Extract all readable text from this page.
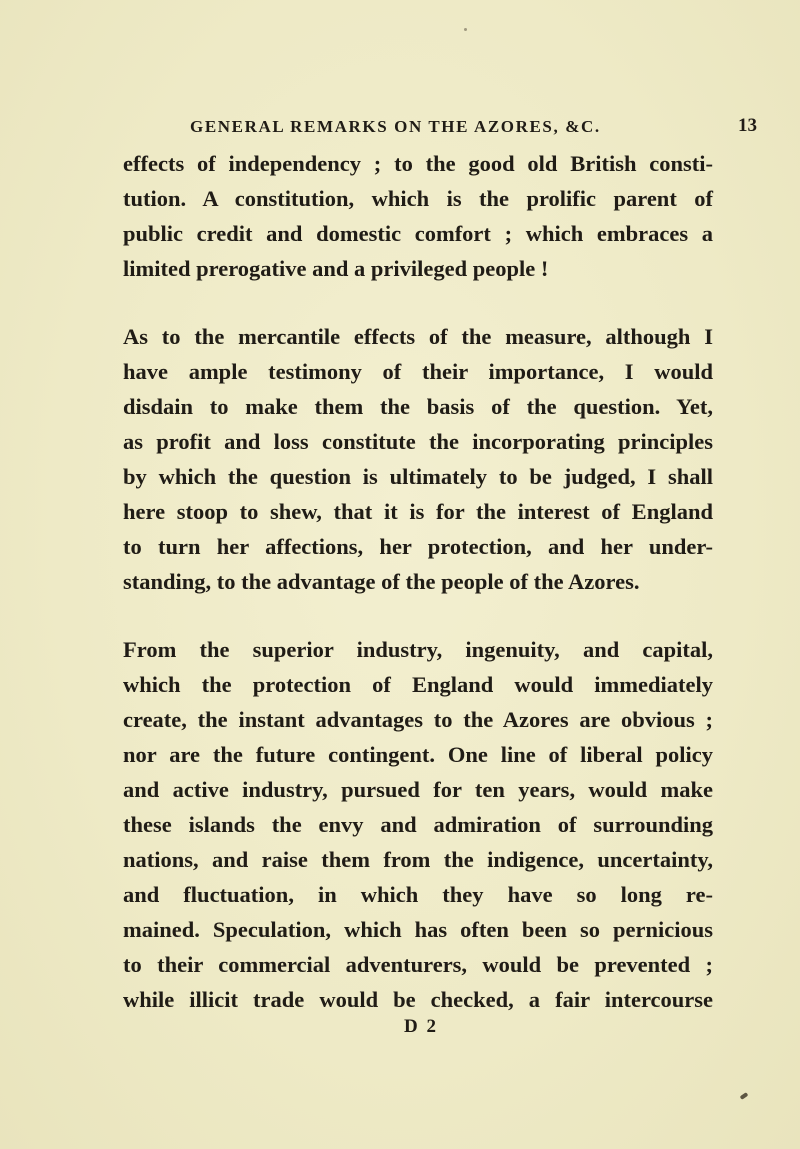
GENERAL REMARKS ON THE AZORES, &C.	13
effects of independency ; to the good old British consti-
tution. A constitution, which is the prolific parent of
public credit and domestic comfort ; which embraces a
limited prerogative and a privileged people !
As to the mercantile effects of the measure, although I
have ample testimony of their importance, I would
disdain to make them the basis of the question. Yet,
as profit and loss constitute the incorporating principles
by which the question is ultimately to be judged, I shall
here stoop to shew, that it is for the interest of England
to turn her affections, her protection, and her under-
standing, to the advantage of the people of the Azores.
From the superior industry, ingenuity, and capital,
which the protection of England would immediately
create, the instant advantages to the Azores are obvious ;
nor are the future contingent. One line of liberal policy
and active industry, pursued for ten years, would make
these islands the envy and admiration of surrounding
nations, and raise them from the indigence, uncertainty,
and fluctuation, in which they have so long re-
mained. Speculation, which has often been so pernicious
to their commercial adventurers, would be prevented ;
while illicit trade would be checked, a fair intercourse
D 2
